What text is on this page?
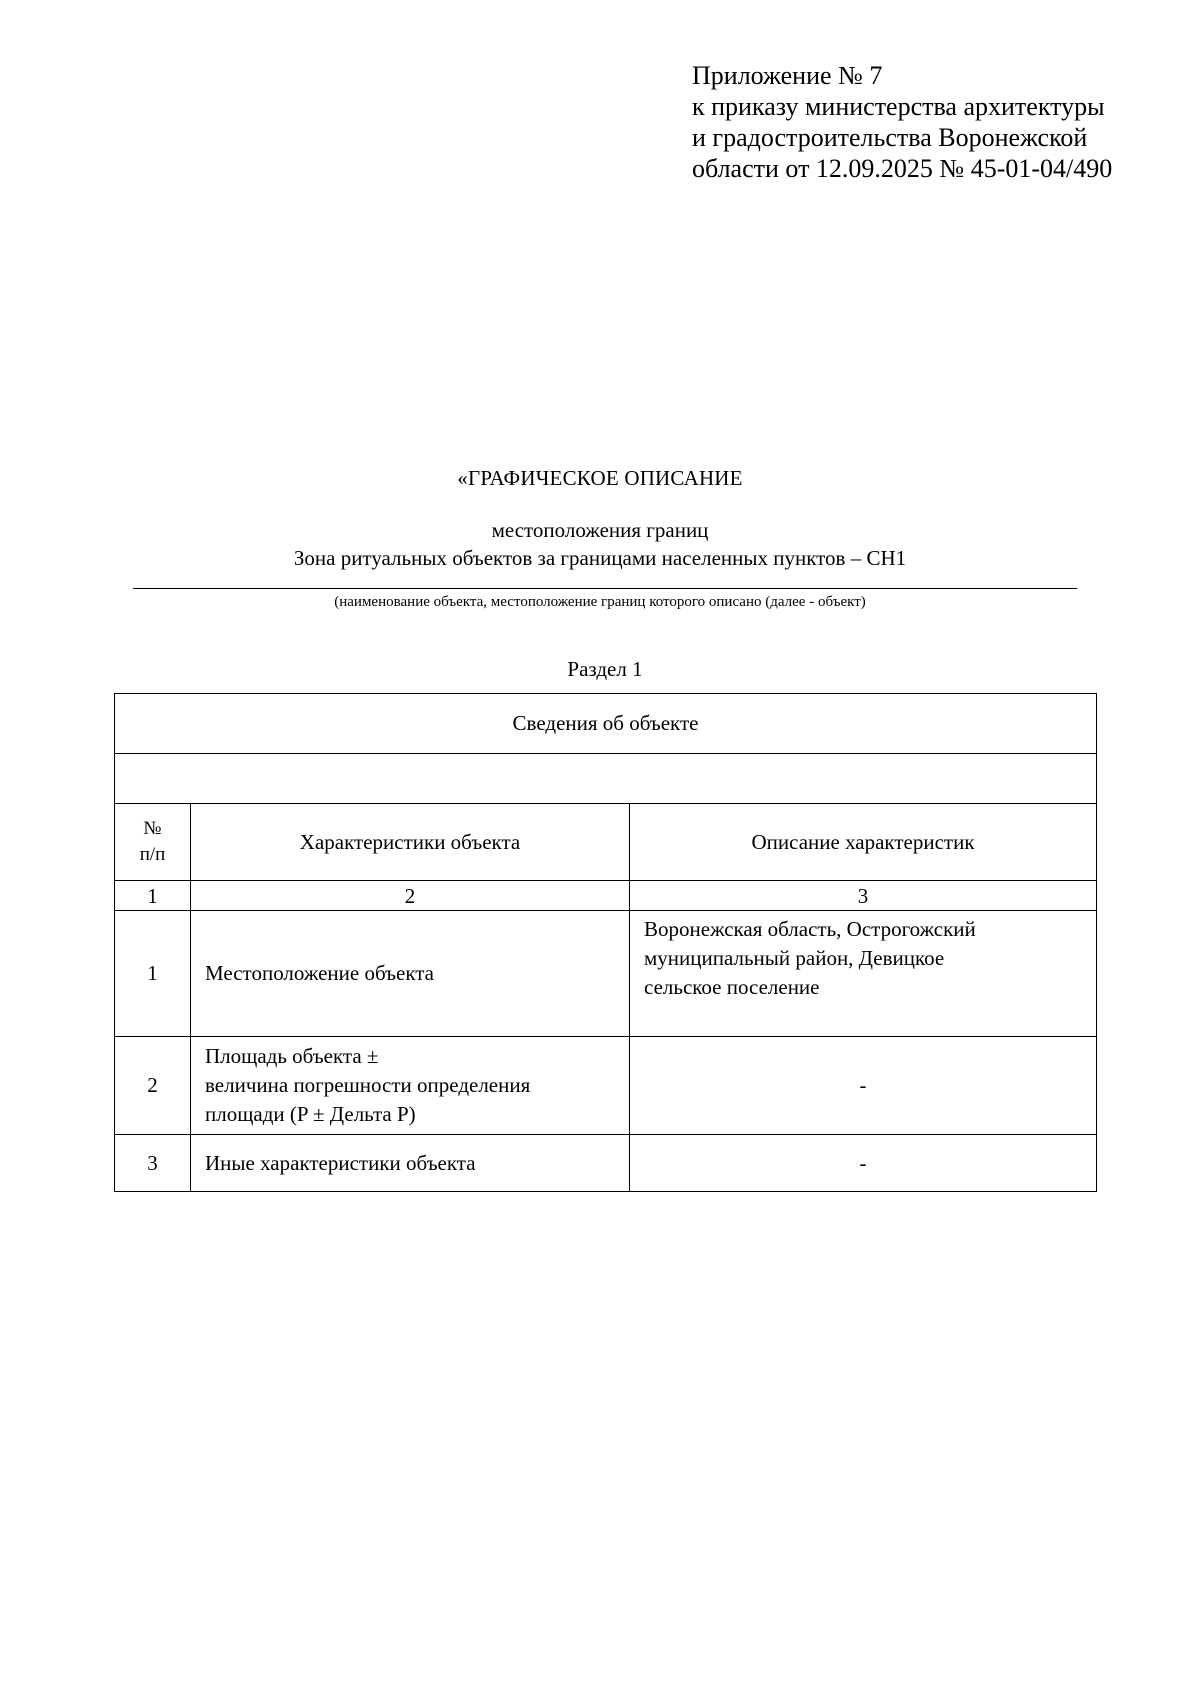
Приложение № 7
к приказу министерства архитектуры
и градостроительства Воронежской
области от 12.09.2025 № 45-01-04/490
«ГРАФИЧЕСКОЕ ОПИСАНИЕ
местоположения границ
Зона ритуальных объектов за границами населенных пунктов – СН1
(наименование объекта, местоположение границ которого описано (далее - объект)
Раздел 1
Сведения об объекте		

№
п/п	Характеристики объекта	Описание характеристик
1	2	3
1	Местоположение объекта	Воронежская область, Острогожский
муниципальный район, Девицкое
сельское поселение
2	Площадь объекта ±
величина погрешности определения
площади (P ± Дельта P)	-
3	Иные характеристики объекта	-
